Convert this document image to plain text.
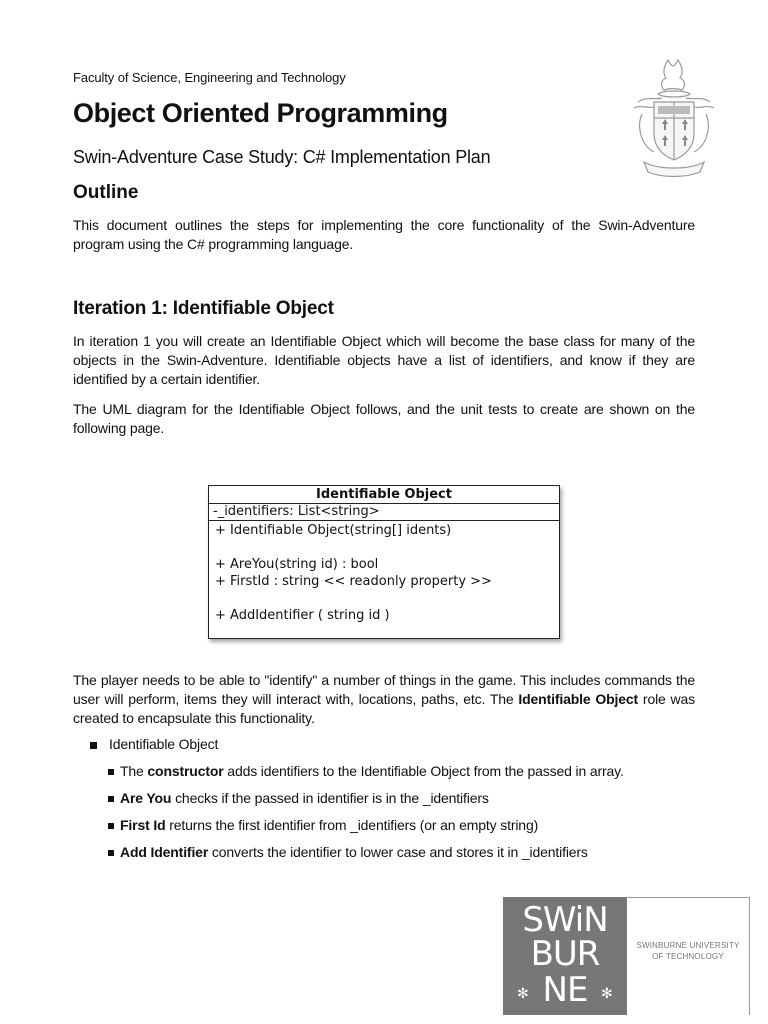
Faculty of Science, Engineering and Technology
Object Oriented Programming
Swin-Adventure Case Study: C# Implementation Plan
Outline
This document outlines the steps for implementing the core functionality of the Swin-Adventure program using the C# programming language.
Iteration 1: Identifiable Object
In iteration 1 you will create an Identifiable Object which will become the base class for many of the objects in the Swin-Adventure. Identifiable objects have a list of identifiers, and know if they are identified by a certain identifier.
The UML diagram for the Identifiable Object follows, and the unit tests to create are shown on the following page.
Identifiable Object
-_identifiers: List<string>
+ Identifiable Object(string[] idents)
+ AreYou(string id) : bool
+ FirstId : string << readonly property >>
+ AddIdentifier ( string id )
The player needs to be able to "identify" a number of things in the game. This includes commands the user will perform, items they will interact with, locations, paths, etc. The Identifiable Object role was created to encapsulate this functionality.
Identifiable Object
The constructor adds identifiers to the Identifiable Object from the passed in array.
Are You checks if the passed in identifier is in the _identifiers
First Id returns the first identifier from _identifiers (or an empty string)
Add Identifier converts the identifier to lower case and stores it in _identifiers
SWiN
BUR
NE
✻	✻
SWINBURNE UNIVERSITY
OF TECHNOLOGY
